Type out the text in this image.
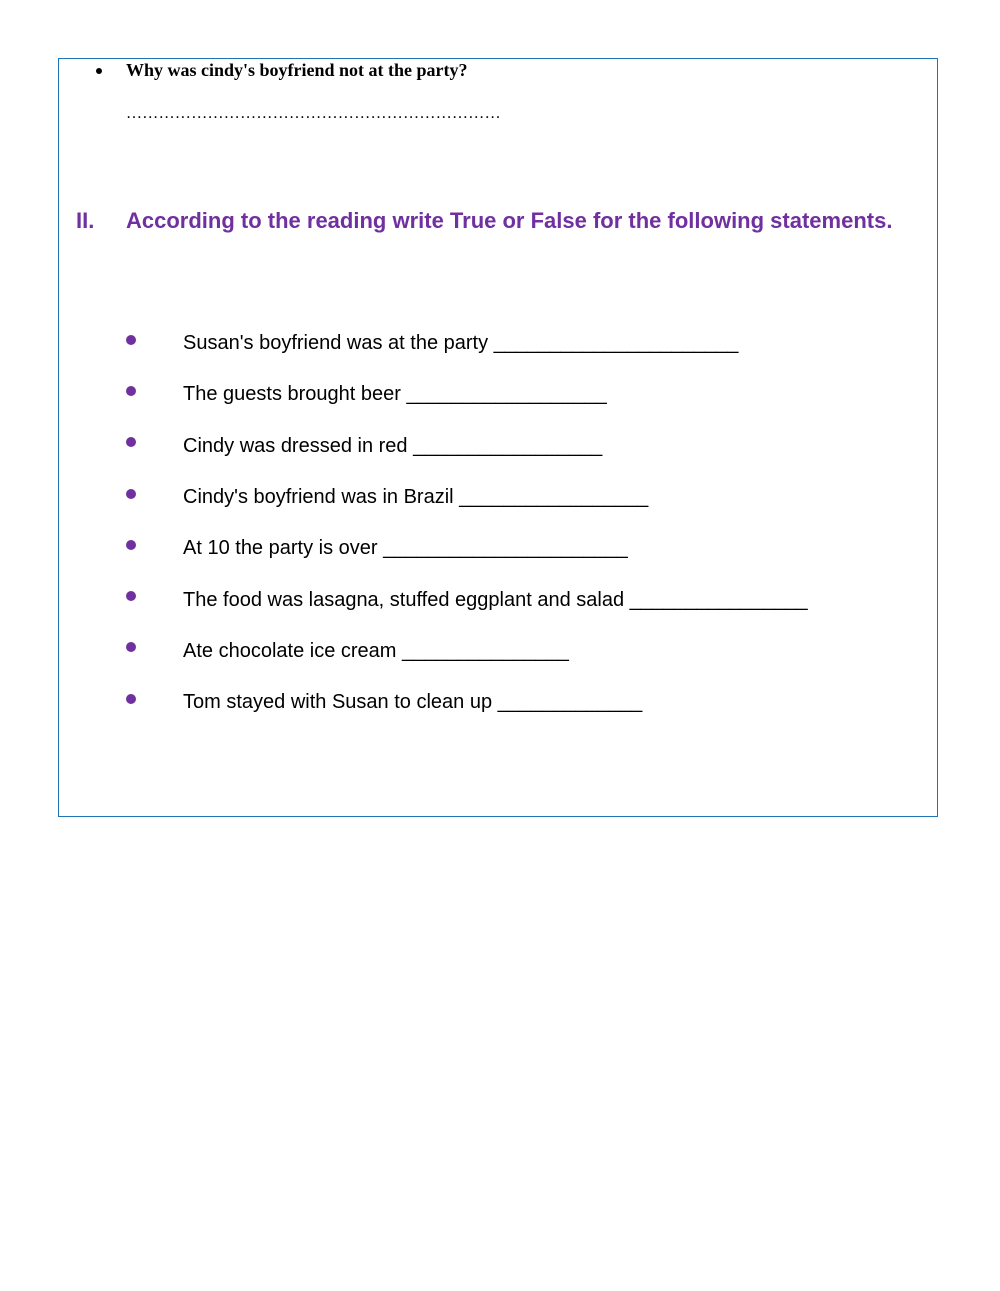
Why was cindy's boyfriend not at the party?
……………………………………………………………
II.	According to the reading write True or False for the following statements.
Susan's boyfriend was at the party ______________________
The guests brought beer __________________
Cindy was dressed in red _________________
Cindy's boyfriend was in Brazil _________________
At 10 the party is over ______________________
The food was lasagna, stuffed eggplant and salad ________________
Ate chocolate ice cream _______________
Tom stayed with Susan to clean up _____________
